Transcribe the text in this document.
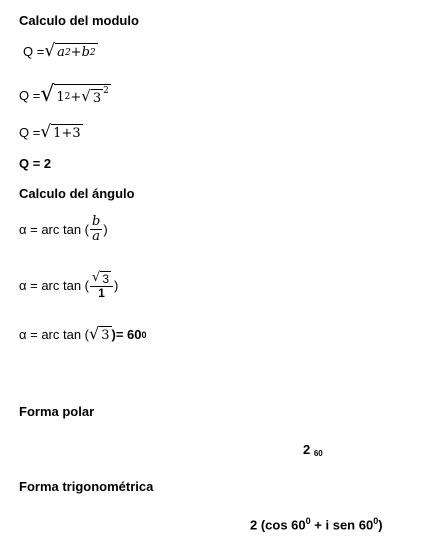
Calculo del modulo
Q = √ a 2 + b 2
Q = √ 1 2 + √ $3^2$
Q = √ 1 + 3
Q = 2
Calculo del ángulo
α = arc tan ( $\frac{b}{a}$ )
α = arc tan ( $\frac{√ 3}{1}$ )
α = arc tan ( √ 3 )= 60 0
Forma polar
2 $_{60}$
Forma trigonométrica
2 (cos $60^0 + i$ sen $60^0$)
